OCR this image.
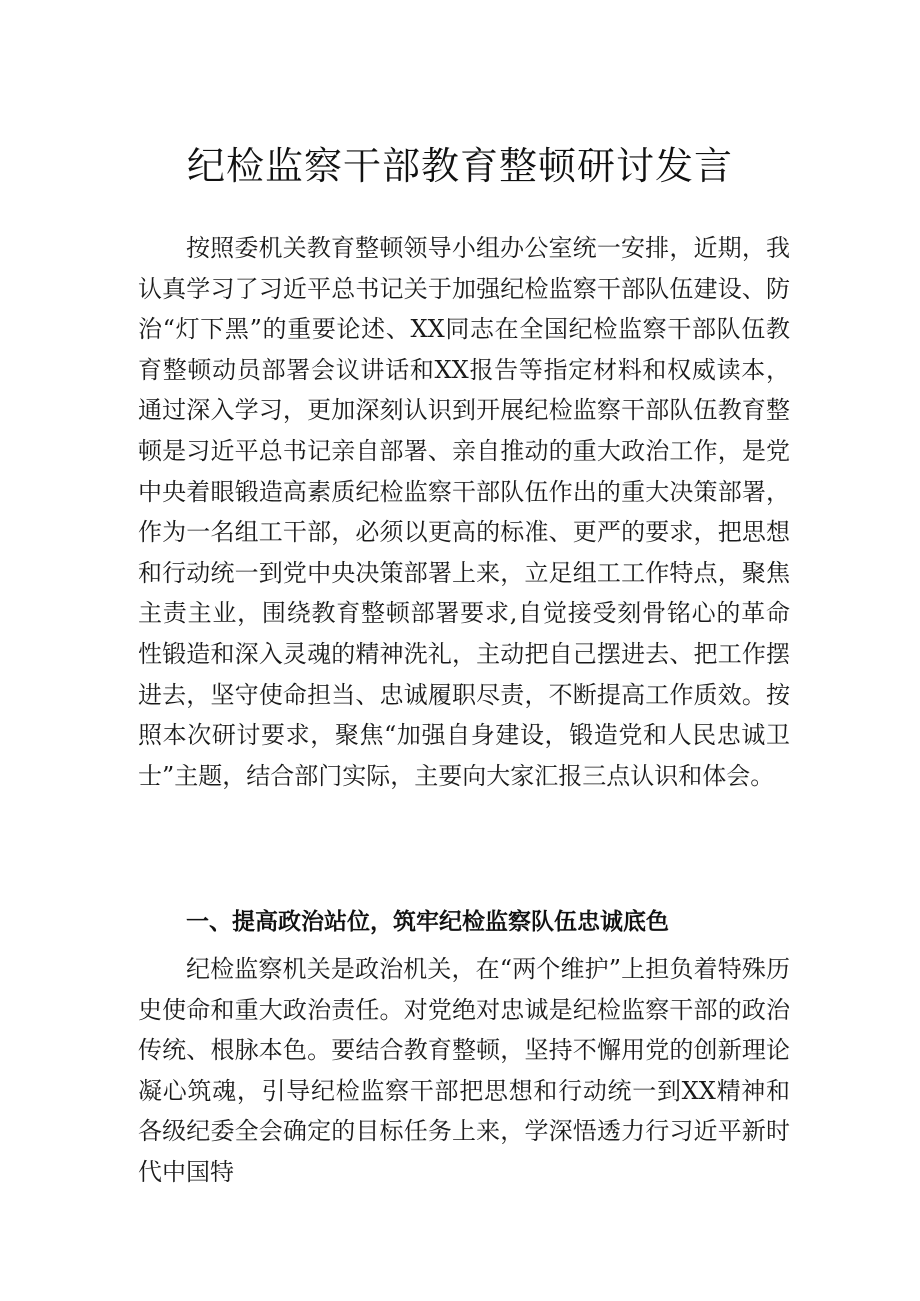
纪检监察干部教育整顿研讨发言

按照委机关教育整顿领导小组办公室统一安排，近期，我认真学习了习近平总书记关于加强纪检监察干部队伍建设、防治“灯下黑”的重要论述、XX同志在全国纪检监察干部队伍教育整顿动员部署会议讲话和XX报告等指定材料和权威读本，通过深入学习，更加深刻认识到开展纪检监察干部队伍教育整顿是习近平总书记亲自部署、亲自推动的重大政治工作，是党中央着眼锻造高素质纪检监察干部队伍作出的重大决策部署，作为一名组工干部，必须以更高的标准、更严的要求，把思想和行动统一到党中央决策部署上来，立足组工工作特点，聚焦主责主业，围绕教育整顿部署要求,自觉接受刻骨铭心的革命性锻造和深入灵魂的精神洗礼，主动把自己摆进去、把工作摆进去，坚守使命担当、忠诚履职尽责，不断提高工作质效。按照本次研讨要求，聚焦“加强自身建设，锻造党和人民忠诚卫士”主题，结合部门实际，主要向大家汇报三点认识和体会。

一、提高政治站位，筑牢纪检监察队伍忠诚底色

纪检监察机关是政治机关，在“两个维护”上担负着特殊历史使命和重大政治责任。对党绝对忠诚是纪检监察干部的政治传统、根脉本色。要结合教育整顿，坚持不懈用党的创新理论凝心筑魂，引导纪检监察干部把思想和行动统一到XX精神和各级纪委全会确定的目标任务上来，学深悟透力行习近平新时代中国特
